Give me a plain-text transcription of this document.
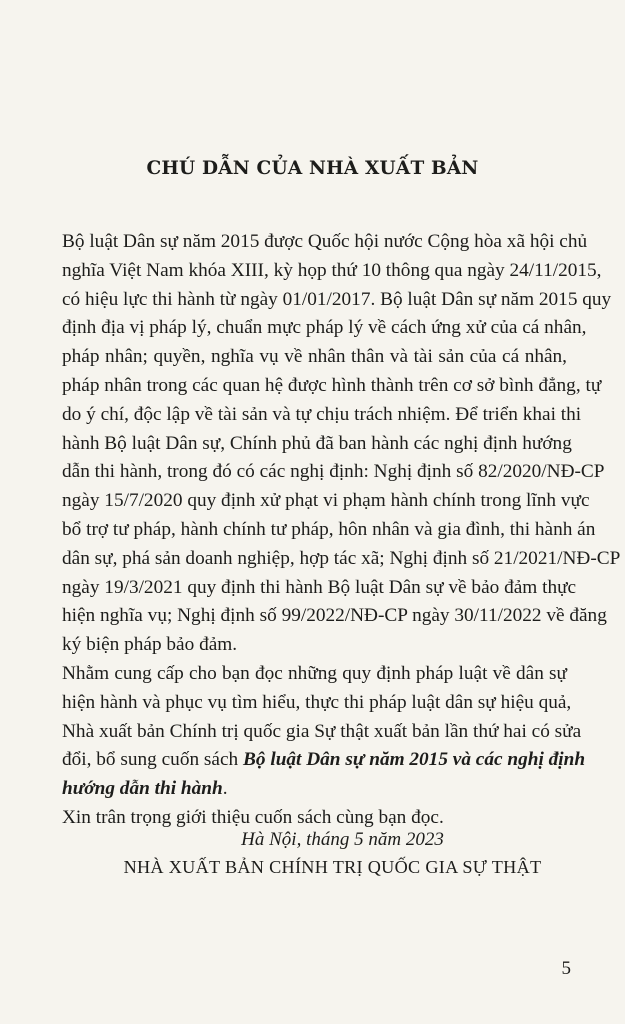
CHÚ DẪN CỦA NHÀ XUẤT BẢN
Bộ luật Dân sự năm 2015 được Quốc hội nước Cộng hòa xã hội chủ
nghĩa Việt Nam khóa XIII, kỳ họp thứ 10 thông qua ngày 24/11/2015,
có hiệu lực thi hành từ ngày 01/01/2017. Bộ luật Dân sự năm 2015 quy
định địa vị pháp lý, chuẩn mực pháp lý về cách ứng xử của cá nhân,
pháp nhân; quyền, nghĩa vụ về nhân thân và tài sản của cá nhân,
pháp nhân trong các quan hệ được hình thành trên cơ sở bình đẳng, tự
do ý chí, độc lập về tài sản và tự chịu trách nhiệm. Để triển khai thi
hành Bộ luật Dân sự, Chính phủ đã ban hành các nghị định hướng
dẫn thi hành, trong đó có các nghị định: Nghị định số 82/2020/NĐ-CP
ngày 15/7/2020 quy định xử phạt vi phạm hành chính trong lĩnh vực
bổ trợ tư pháp, hành chính tư pháp, hôn nhân và gia đình, thi hành án
dân sự, phá sản doanh nghiệp, hợp tác xã; Nghị định số 21/2021/NĐ-CP
ngày 19/3/2021 quy định thi hành Bộ luật Dân sự về bảo đảm thực
hiện nghĩa vụ; Nghị định số 99/2022/NĐ-CP ngày 30/11/2022 về đăng
ký biện pháp bảo đảm.
Nhằm cung cấp cho bạn đọc những quy định pháp luật về dân sự
hiện hành và phục vụ tìm hiểu, thực thi pháp luật dân sự hiệu quả,
Nhà xuất bản Chính trị quốc gia Sự thật xuất bản lần thứ hai có sửa
đổi, bổ sung cuốn sách Bộ luật Dân sự năm 2015 và các nghị định
hướng dẫn thi hành.
Xin trân trọng giới thiệu cuốn sách cùng bạn đọc.
Hà Nội, tháng 5 năm 2023
NHÀ XUẤT BẢN CHÍNH TRỊ QUỐC GIA SỰ THẬT
5
